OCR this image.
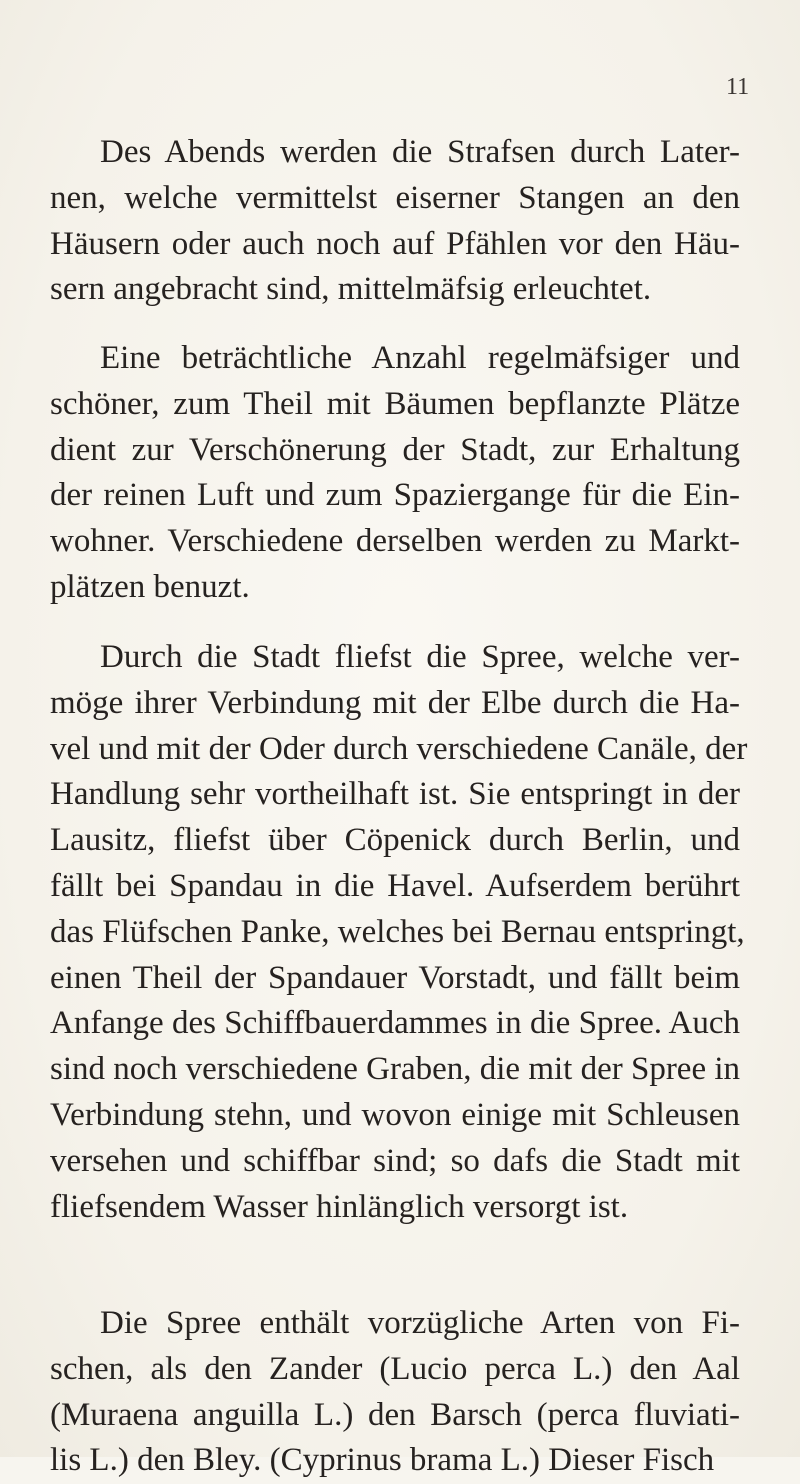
11
Des Abends werden die Strafsen durch Later-
nen, welche vermittelst eiserner Stangen an den
Häusern oder auch noch auf Pfählen vor den Häu-
sern angebracht sind, mittelmäfsig erleuchtet.
Eine beträchtliche Anzahl regelmäfsiger und
schöner, zum Theil mit Bäumen bepflanzte Plätze
dient zur Verschönerung der Stadt, zur Erhaltung
der reinen Luft und zum Spaziergange für die Ein-
wohner. Verschiedene derselben werden zu Markt-
plätzen benuzt.
Durch die Stadt fliefst die Spree, welche ver-
möge ihrer Verbindung mit der Elbe durch die Ha-
vel und mit der Oder durch verschiedene Canäle, der
Handlung sehr vortheilhaft ist. Sie entspringt in der
Lausitz, fliefst über Cöpenick durch Berlin, und
fällt bei Spandau in die Havel. Aufserdem berührt
das Flüfschen Panke, welches bei Bernau entspringt,
einen Theil der Spandauer Vorstadt, und fällt beim
Anfange des Schiffbauerdammes in die Spree. Auch
sind noch verschiedene Graben, die mit der Spree in
Verbindung stehn, und wovon einige mit Schleusen
versehen und schiffbar sind; so dafs die Stadt mit
fliefsendem Wasser hinlänglich versorgt ist.
Die Spree enthält vorzügliche Arten von Fi-
schen, als den Zander (Lucio perca L.) den Aal
(Muraena anguilla L.) den Barsch (perca fluviati-
lis L.) den Bley. (Cyprinus brama L.) Dieser Fisch
